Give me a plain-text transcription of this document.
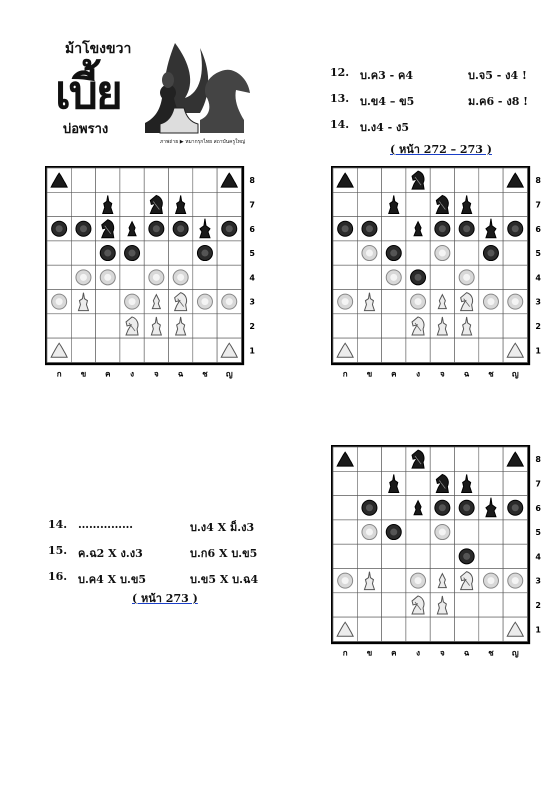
ม้าโขงขวา
เบี้ย
บ่อพราง
ภาพถ่าย ▶ หมากรุกไทย สถาบันครูใหญ่
12. บ.ค3 - ค4	บ.จ5 - ง4 !
13. บ.ข4 – ข5	ม.ค6 - ง8 !
14. บ.ง4 - ง5
( หน้า 272 – 273 )
14. ……………	บ.ง4 X ม็.ง3
15. ค.ฉ2 X ง.ง3	บ.ก6 X บ.ข5
16. บ.ค4 X บ.ข5	บ.ข5 X บ.ฉ4
( หน้า 273 )
8
7
6
5
4
3
2
1
ก ข ค ง	จ ฉ ช ญ
8
7
6
5
4
3
2
1
ก ข ค ง	จ ฉ ช ญ
8
7
6
5
4
3
2
1
ก ข ค ง	จ ฉ ช ญ
